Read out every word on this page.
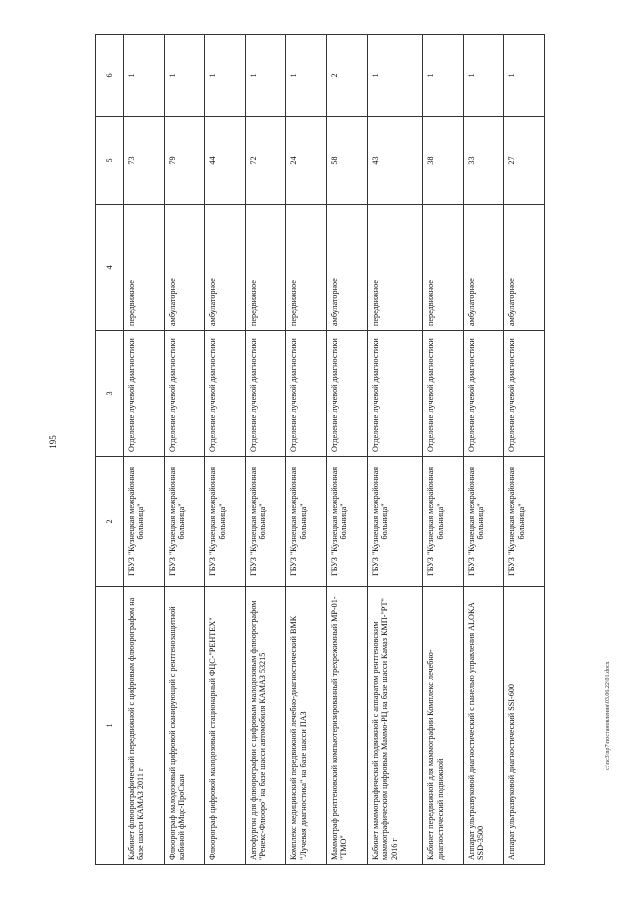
195
1	2	3	4	5	6
Кабинет флюорографический передвижной с цифровым флюорографом на базе шасси КАМАЗ 2011 г	ГБУЗ "Кузнецкая межрайонная больница"	Отделение лучевой диагностики	передвижное	73	1
Флюорограф малодозовый цифровой сканирующий с рентгенозащитной кабиной фМцс-ПроСкан	ГБУЗ "Кузнецкая межрайонная больница"	Отделение лучевой диагностики	амбулаторное	79	1
Флюорограф цифровой малодозовый стационарный ФЦС-"РЕНТЕХ"	ГБУЗ "Кузнецкая межрайонная больница"	Отделение лучевой диагностики	амбулаторное	44	1
Автофургон для флюорографии с цифровым малодозовым флюорографом "Ренекс-Флюоро" на базе шасси автомобиля КАМАЗ 53215	ГБУЗ "Кузнецкая межрайонная больница"	Отделение лучевой диагностики	передвижное	72	1
Комплекс медицинский передвижной лечебно-диагностический ВМК "Лучевая диагностика" на базе шасси ПАЗ	ГБУЗ "Кузнецкая межрайонная больница"	Отделение лучевой диагностики	передвижное	24	1
Маммограф рентгеновский компьютеризированный трехрежимный МР-01-"ТМО"	ГБУЗ "Кузнецкая межрайонная больница"	Отделение лучевой диагностики	амбулаторное	58	2
Кабинет маммографический подвижной с аппаратом рентгеновским маммографическим цифровым Маммо-РЦ на базе шасси Камаз КМП-"РТ" 2016 г	ГБУЗ "Кузнецкая межрайонная больница"	Отделение лучевой диагностики	передвижное	43	1
Кабинет передвижной для маммографии Комплекс лечебно-диагностический подвижной	ГБУЗ "Кузнецкая межрайонная больница"	Отделение лучевой диагностики	передвижное	38	1
Аппарат ультразвуковой диагностический с панелью управления ALOKA SSD-3500	ГБУЗ "Кузнецкая межрайонная больница"	Отделение лучевой диагностики	амбулаторное	33	1
Аппарат ультразвуковой диагностический SSI-600	ГБУЗ "Кузнецкая межрайонная больница"	Отделение лучевой диагностики	амбулаторное	27	1
c:\nc3\np7\постановления\03.06.22\01.docx
